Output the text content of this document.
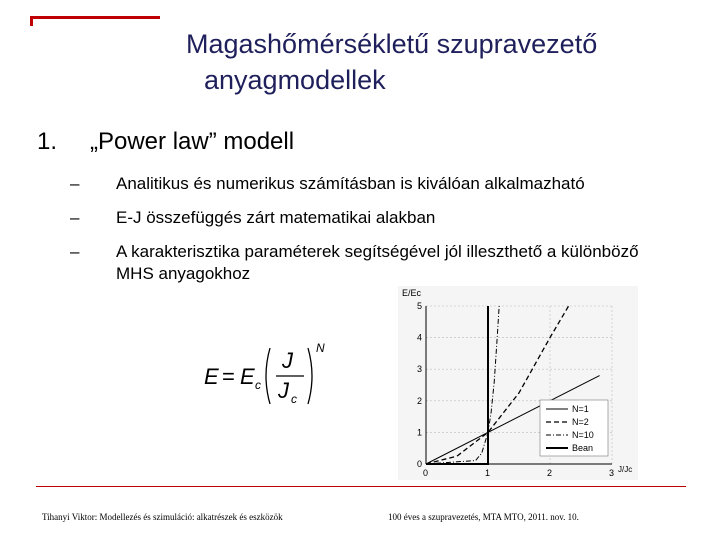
Magashőmérsékletű szupravezető
anyagmodellek
1. „Power law” modell
– Analitikus és numerikus számításban is kiválóan alkalmazható
– E-J összefüggés zárt matematikai alakban
– A karakterisztika paraméterek segítségével jól illeszthető a különböző MHS anyagokhoz
E = E c
J
J c
N
0
1
2
3
4
5
0	1	2	3
E/Ec
J/Jc
N=1
N=2
N=10
Bean
Tihanyi Viktor: Modellezés és szimuláció: alkatrészek és eszközök	100 éves a szupravezetés, MTA MTO, 2011. nov. 10.
